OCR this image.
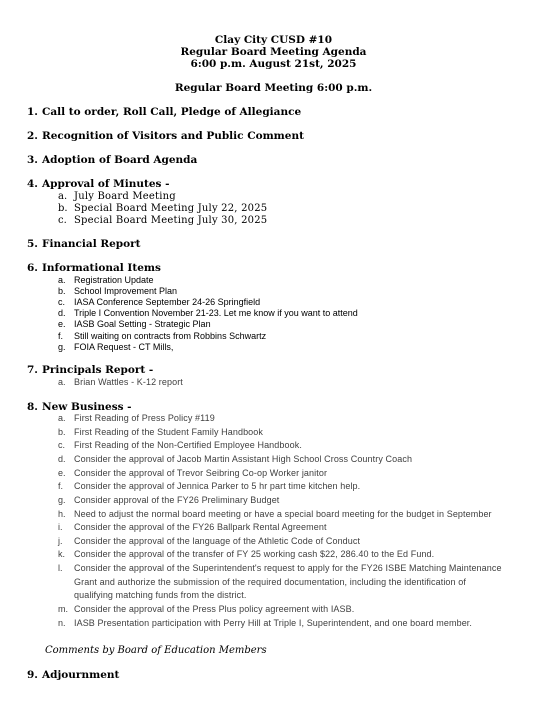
Clay City CUSD #10
Regular Board Meeting Agenda
6:00 p.m. August 21st, 2025
Regular Board Meeting 6:00 p.m.
1. Call to order, Roll Call, Pledge of Allegiance
2. Recognition of Visitors and Public Comment
3. Adoption of Board Agenda
4. Approval of Minutes -
a. July Board Meeting
b. Special Board Meeting July 22, 2025
c. Special Board Meeting July 30, 2025
5. Financial Report
6. Informational Items
a. Registration Update
b. School Improvement Plan
c. IASA Conference September 24-26 Springfield
d. Triple I Convention November 21-23. Let me know if you want to attend
e. IASB Goal Setting - Strategic Plan
f. Still waiting on contracts from Robbins Schwartz
g. FOIA Request - CT Mills,
7. Principals Report -
a. Brian Wattles - K-12 report
8. New Business -
a. First Reading of Press Policy #119
b. First Reading of the Student Family Handbook
c. First Reading of the Non-Certified Employee Handbook.
d. Consider the approval of Jacob Martin Assistant High School Cross Country Coach
e. Consider the approval of Trevor Seibring Co-op Worker janitor
f. Consider the approval of Jennica Parker to 5 hr part time kitchen help.
g. Consider approval of the FY26 Preliminary Budget
h. Need to adjust the normal board meeting or have a special board meeting for the budget in September
i. Consider the approval of the FY26 Ballpark Rental Agreement
j. Consider the approval of the language of the Athletic Code of Conduct
k. Consider the approval of the transfer of FY 25 working cash $22, 286.40 to the Ed Fund.
l. Consider the approval of the Superintendent's request to apply for the FY26 ISBE Matching Maintenance
Grant and authorize the submission of the required documentation, including the identification of
qualifying matching funds from the district.
m. Consider the approval of the Press Plus policy agreement with IASB.
n. IASB Presentation participation with Perry Hill at Triple I, Superintendent, and one board member.
Comments by Board of Education Members
9. Adjournment
